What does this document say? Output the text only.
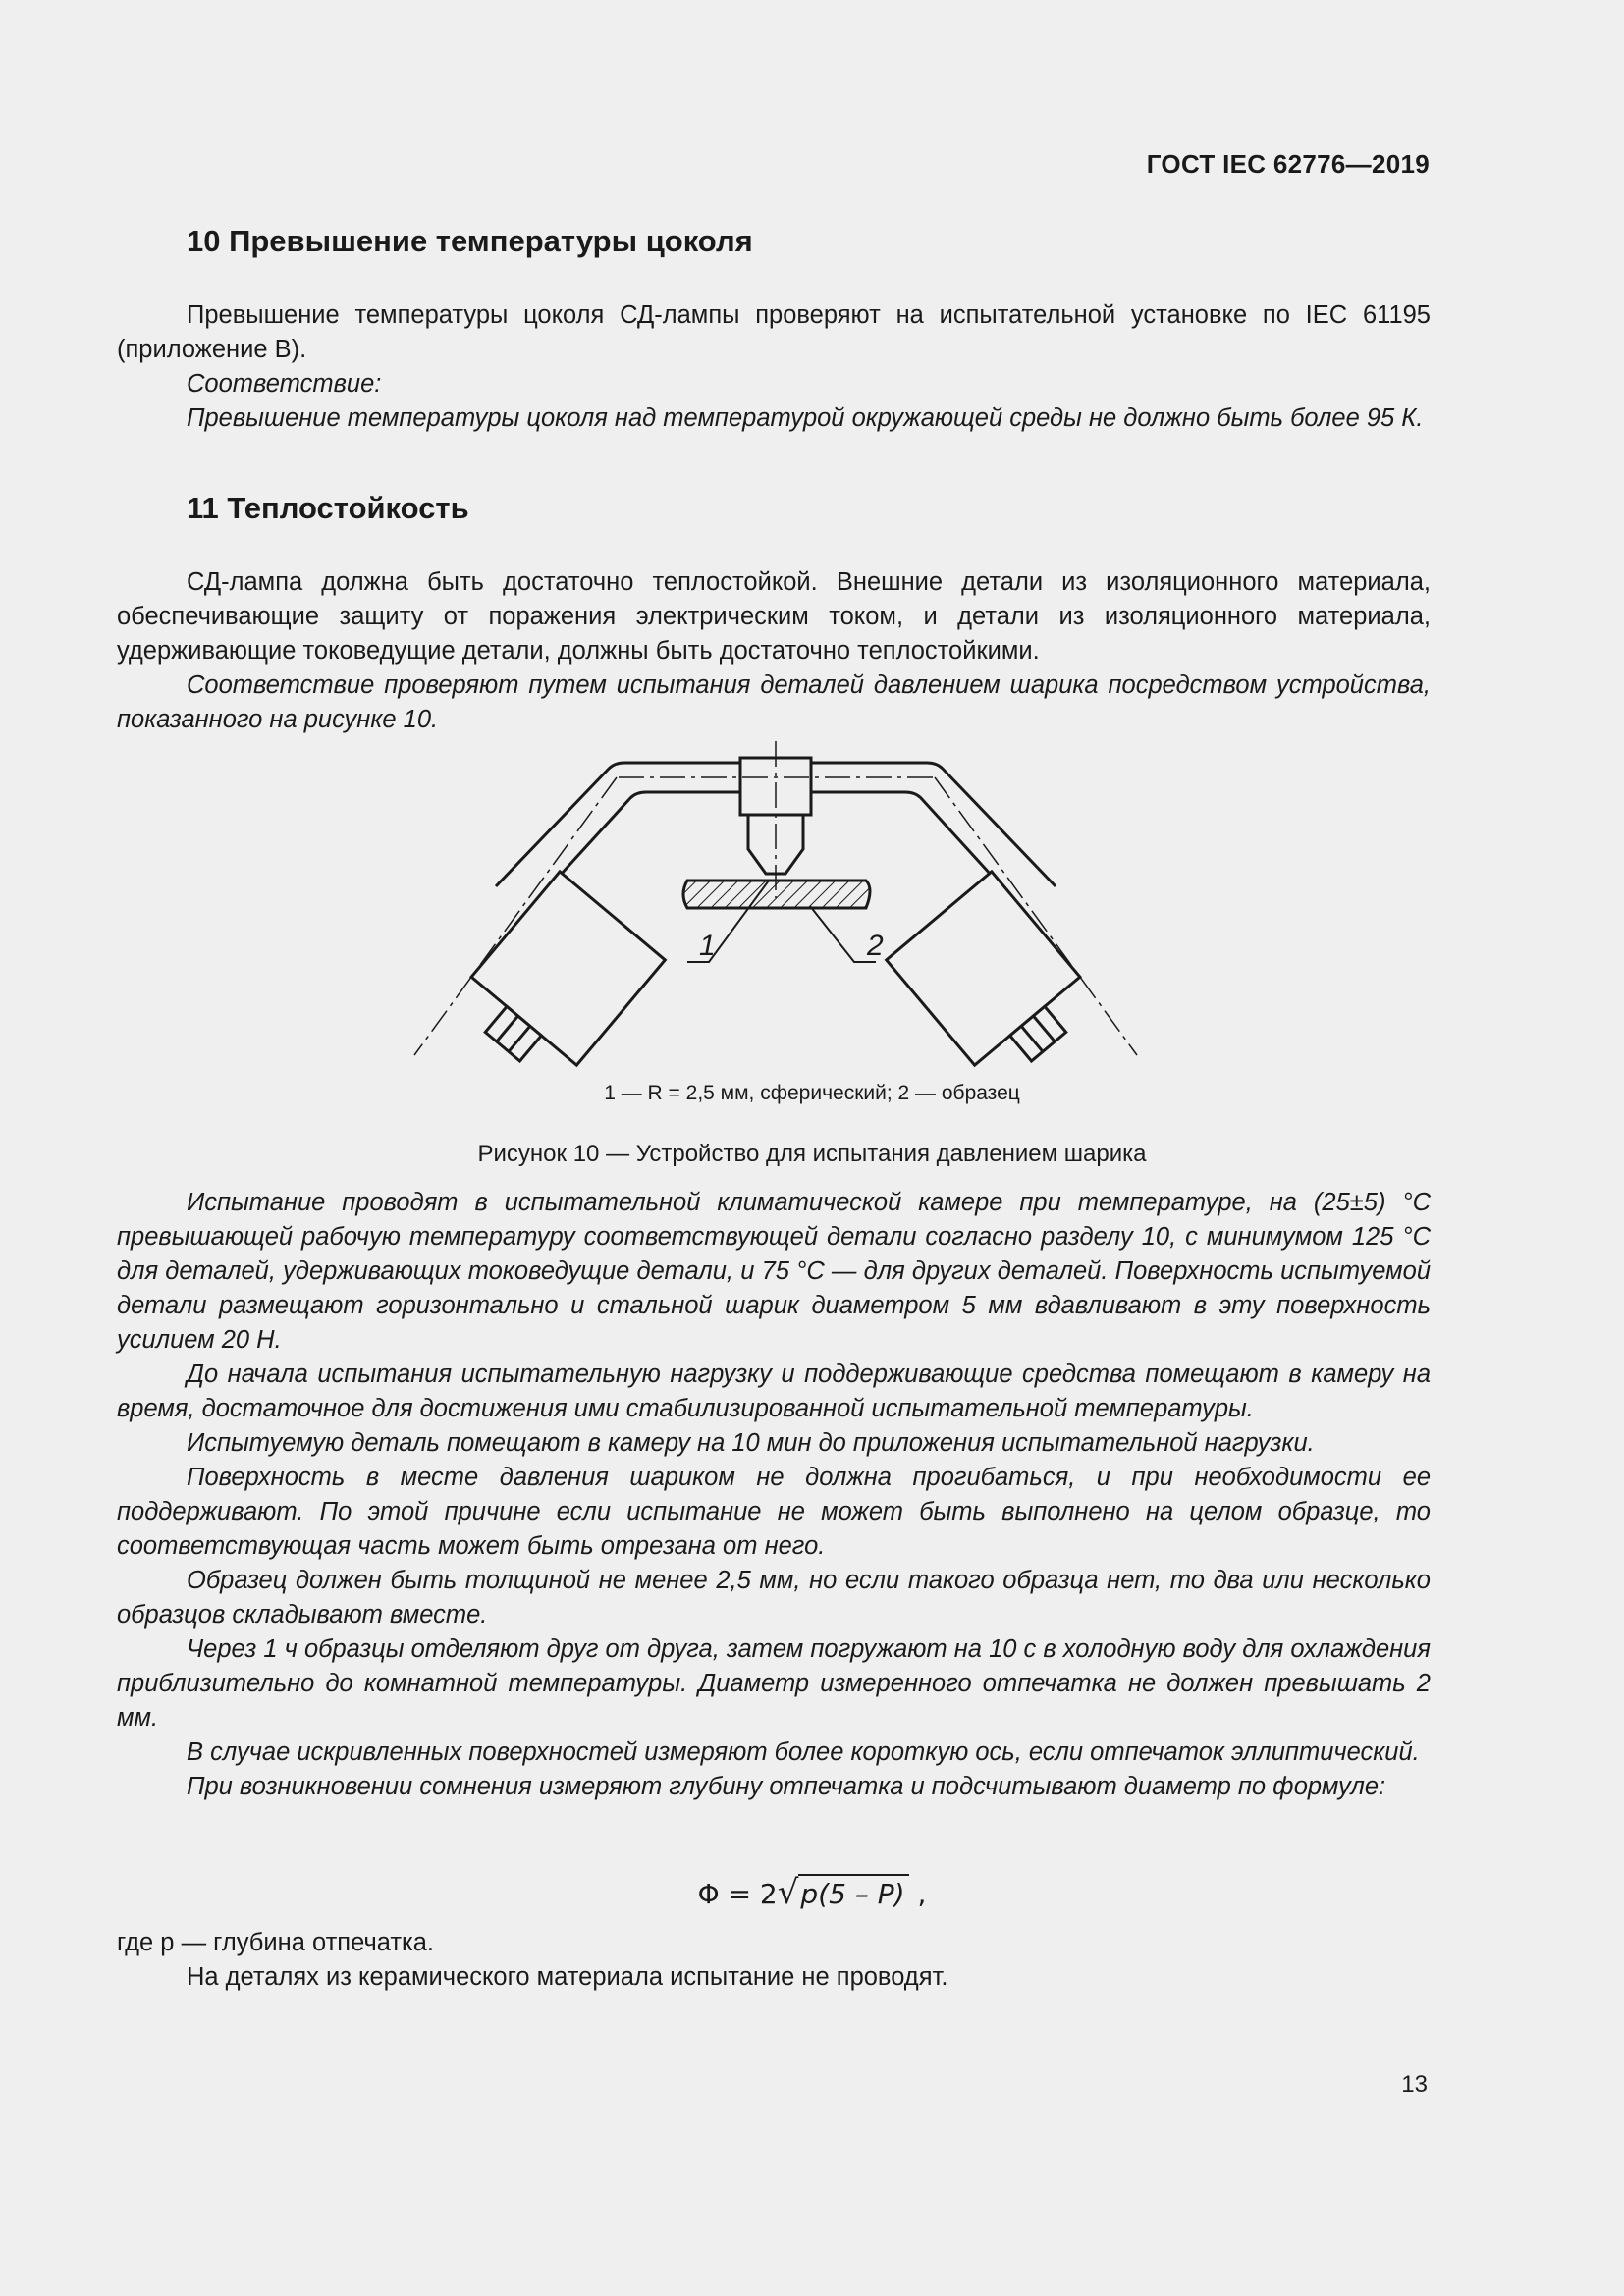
ГОСТ IEC 62776—2019
10 Превышение температуры цоколя

Превышение температуры цоколя СД-лампы проверяют на испытательной установке по IEC 61195 (приложение B).

Соответствие:

Превышение температуры цоколя над температурой окружающей среды не должно быть более 95 К.

11 Теплостойкость

СД-лампа должна быть достаточно теплостойкой. Внешние детали из изоляционного материала, обеспечивающие защиту от поражения электрическим током, и детали из изоляционного материала, удерживающие токоведущие детали, должны быть достаточно теплостойкими.

Соответствие проверяют путем испытания деталей давлением шарика посредством устройства, показанного на рисунке 10.

1	2
1 — R = 2,5 мм, сферический; 2 — образец
Рисунок 10 — Устройство для испытания давлением шарика

Испытание проводят в испытательной климатической камере при температуре, на (25±5) °С превышающей рабочую температуру соответствующей детали согласно разделу 10, с минимумом 125 °С для деталей, удерживающих токоведущие детали, и 75 °С — для других деталей. Поверхность испытуемой детали размещают горизонтально и стальной шарик диаметром 5 мм вдавливают в эту поверхность усилием 20 Н.

До начала испытания испытательную нагрузку и поддерживающие средства помещают в камеру на время, достаточное для достижения ими стабилизированной испытательной температуры.

Испытуемую деталь помещают в камеру на 10 мин до приложения испытательной нагрузки.

Поверхность в месте давления шариком не должна прогибаться, и при необходимости ее поддерживают. По этой причине если испытание не может быть выполнено на целом образце, то соответствующая часть может быть отрезана от него.

Образец должен быть толщиной не менее 2,5 мм, но если такого образца нет, то два или несколько образцов складывают вместе.

Через 1 ч образцы отделяют друг от друга, затем погружают на 10 с в холодную воду для охлаждения приблизительно до комнатной температуры. Диаметр измеренного отпечатка не должен превышать 2 мм.

В случае искривленных поверхностей измеряют более короткую ось, если отпечаток эллиптический.

При возникновении сомнения измеряют глубину отпечатка и подсчитывают диаметр по формуле:

Φ = 2√p(5 – P) ,

где p — глубина отпечатка.

На деталях из керамического материала испытание не проводят.

13
